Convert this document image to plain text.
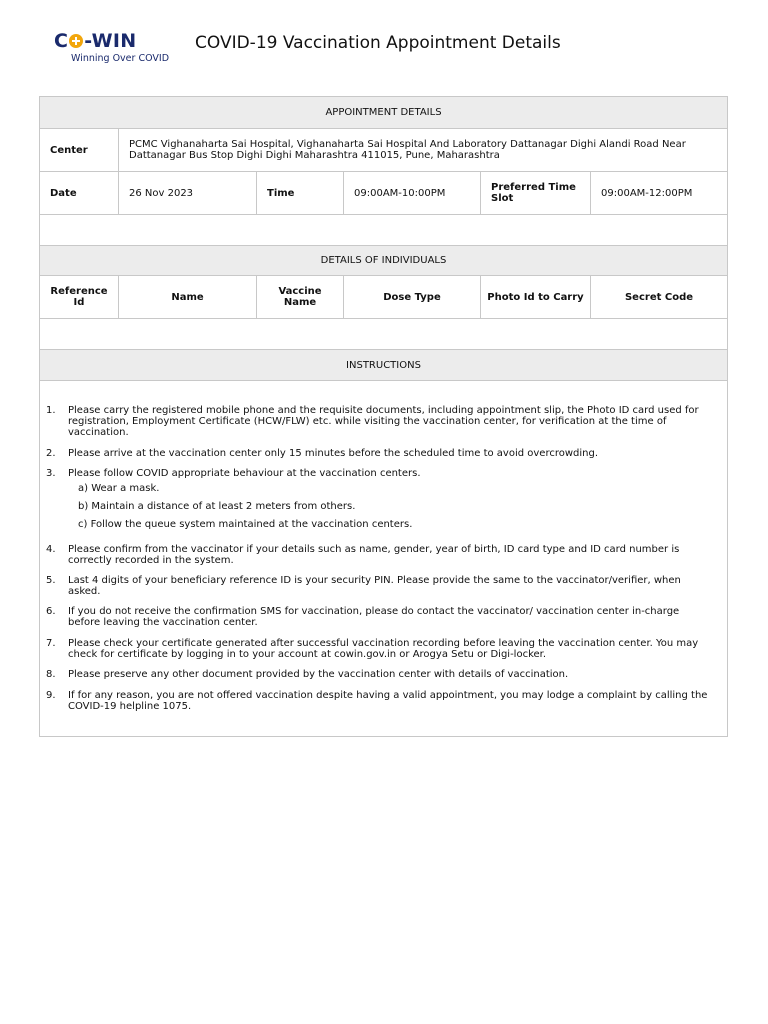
C -WIN
Winning Over COVID
COVID-19 Vaccination Appointment Details
APPOINTMENT DETAILS
Center	PCMC Vighanaharta Sai Hospital, Vighanaharta Sai Hospital And Laboratory Dattanagar Dighi Alandi Road Near Dattanagar Bus Stop Dighi Dighi Maharashtra 411015, Pune, Maharashtra
Date	26 Nov 2023	Time	09:00AM-10:00PM	Preferred Time Slot	09:00AM-12:00PM
DETAILS OF INDIVIDUALS
Reference Id	Name	Vaccine Name	Dose Type	Photo Id to Carry	Secret Code
INSTRUCTIONS
1.	Please carry the registered mobile phone and the requisite documents, including appointment slip, the Photo ID card used for registration, Employment Certificate (HCW/FLW) etc. while visiting the vaccination center, for verification at the time of vaccination.
2.	Please arrive at the vaccination center only 15 minutes before the scheduled time to avoid overcrowding.
3.	Please follow COVID appropriate behaviour at the vaccination centers.
a) Wear a mask.
b) Maintain a distance of at least 2 meters from others.
c) Follow the queue system maintained at the vaccination centers.
4.	Please confirm from the vaccinator if your details such as name, gender, year of birth, ID card type and ID card number is correctly recorded in the system.
5.	Last 4 digits of your beneficiary reference ID is your security PIN. Please provide the same to the vaccinator/verifier, when asked.
6.	If you do not receive the confirmation SMS for vaccination, please do contact the vaccinator/ vaccination center in-charge before leaving the vaccination center.
7.	Please check your certificate generated after successful vaccination recording before leaving the vaccination center. You may check for certificate by logging in to your account at cowin.gov.in or Arogya Setu or Digi-locker.
8.	Please preserve any other document provided by the vaccination center with details of vaccination.
9.	If for any reason, you are not offered vaccination despite having a valid appointment, you may lodge a complaint by calling the COVID-19 helpline 1075.
